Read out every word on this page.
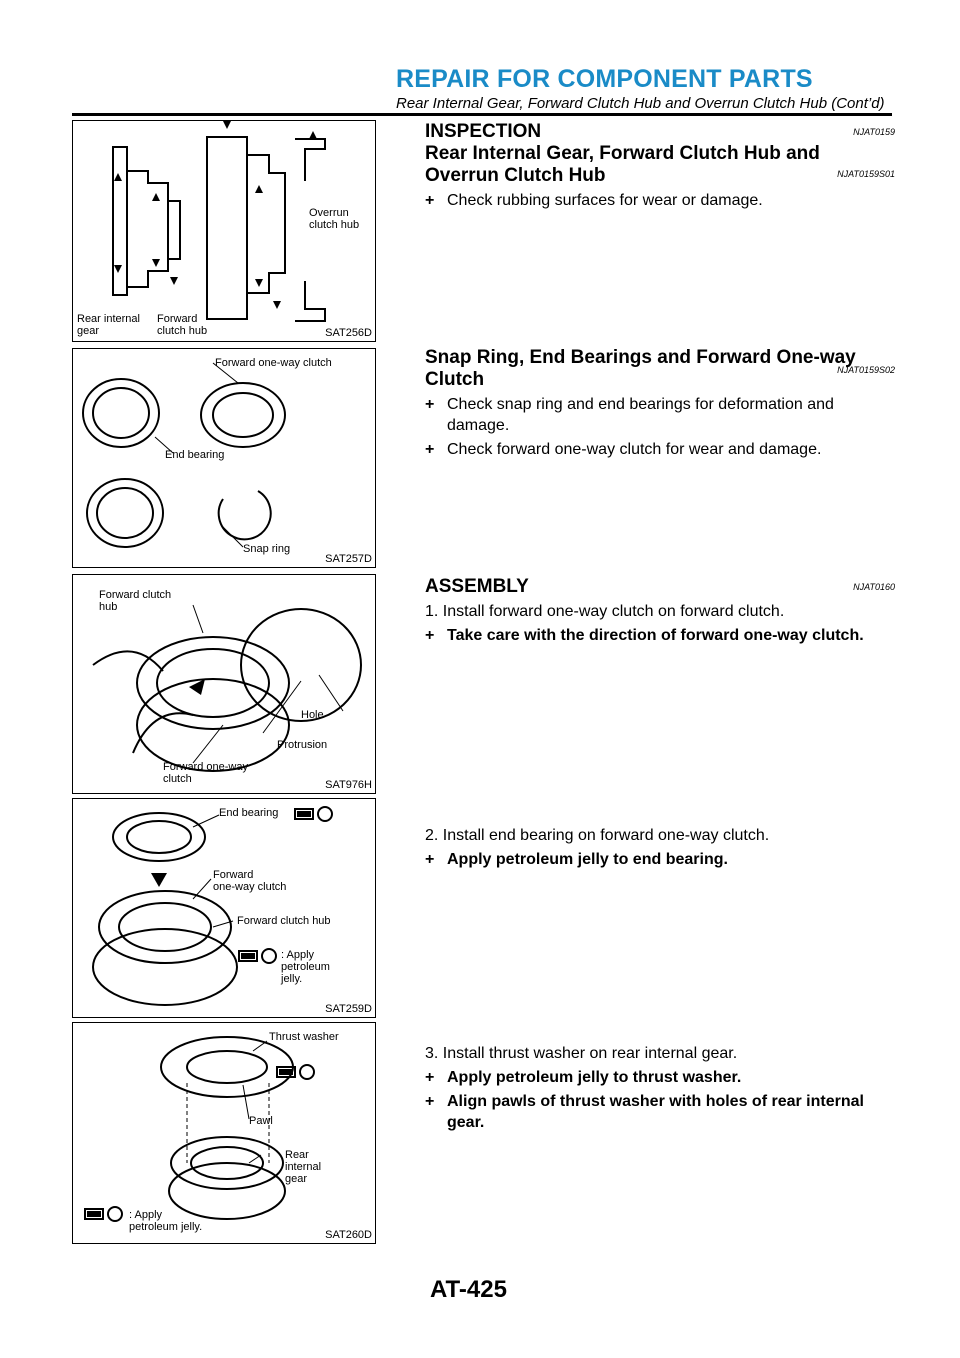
REPAIR FOR COMPONENT PARTS
Rear Internal Gear, Forward Clutch Hub and Overrun Clutch Hub (Cont’d)
Overrun
clutch hub
Rear internal
gear
Forward
clutch hub	SAT256D
Forward one-way clutch
End bearing
Snap ring
SAT257D
Forward clutch
hub
Hole
Protrusion
Forward one-way
clutch	SAT976H
End bearing
Forward
one-way clutch
Forward clutch hub
: Apply
petroleum
jelly.
SAT259D
Thrust washer
Pawl
Rear
internal
gear
: Apply
petroleum jelly.
SAT260D
INSPECTION	NJAT0159
Rear Internal Gear, Forward Clutch Hub and Overrun Clutch Hub	NJAT0159S01
+ Check rubbing surfaces for wear or damage.
Snap Ring, End Bearings and Forward One-way Clutch	NJAT0159S02
+ Check snap ring and end bearings for deformation and damage.
+ Check forward one-way clutch for wear and damage.
ASSEMBLY	NJAT0160
1. Install forward one-way clutch on forward clutch.
+ Take care with the direction of forward one-way clutch.
2. Install end bearing on forward one-way clutch.
+ Apply petroleum jelly to end bearing.
3. Install thrust washer on rear internal gear.
+ Apply petroleum jelly to thrust washer.
+ Align pawls of thrust washer with holes of rear internal gear.
AT-425
